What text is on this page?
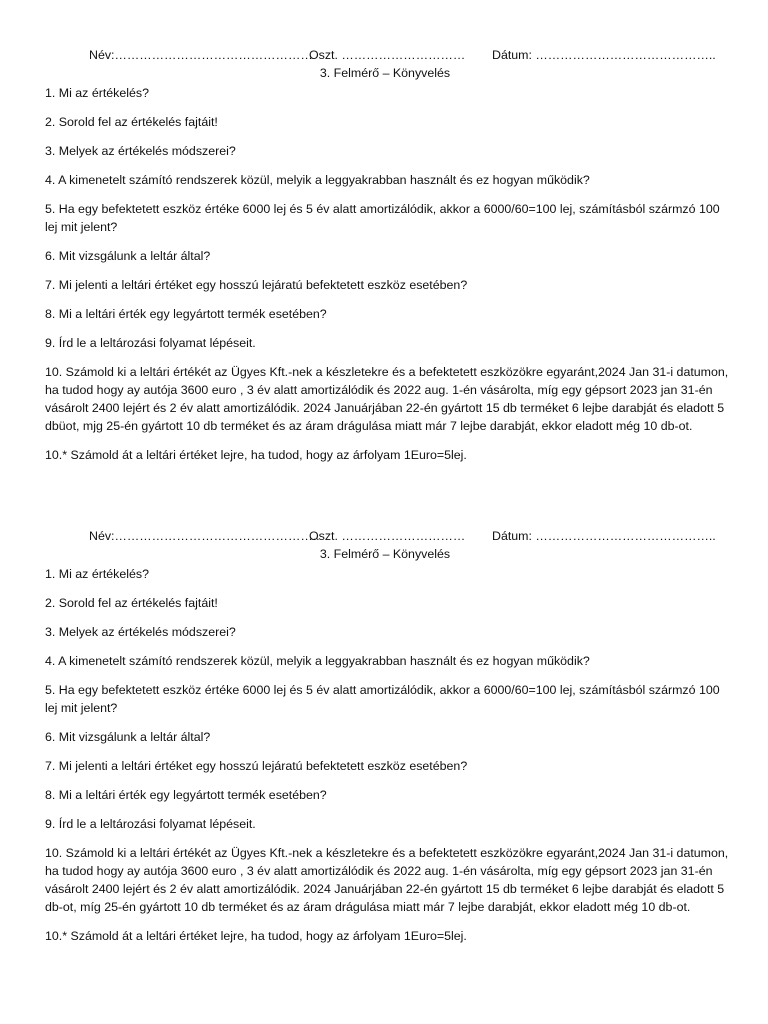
Név:…………………………………………
Oszt. ………………………… Dátum: ……………………………………..
3. Felmérő – Könyvelés

1. Mi az értékelés?

2. Sorold fel az értékelés fajtáit!

3. Melyek az értékelés módszerei?

4. A kimenetelt számító rendszerek közül, melyik a leggyakrabban használt és ez hogyan működik?

5. Ha egy befektetett eszköz értéke 6000 lej és 5 év alatt amortizálódik, akkor a 6000/60=100 lej, számításból szármzó 100 lej mit jelent?

6. Mit vizsgálunk a leltár által?

7. Mi jelenti a leltári értéket egy hosszú lejáratú befektetett eszköz esetében?

8. Mi a leltári érték egy legyártott termék esetében?

9. Írd le a leltározási folyamat lépéseit.

10. Számold ki a leltári értékét az Ügyes Kft.-nek a készletekre és a befektetett eszközökre egyaránt,2024 Jan 31-i datumon, ha tudod hogy ay autója 3600 euro , 3 év alatt amortizálódik és 2022 aug. 1-én vásárolta, míg egy gépsort 2023 jan 31-én vásárolt 2400 lejért és 2 év alatt amortizálódik. 2024 Januárjában 22-én gyártott 15 db terméket 6 lejbe darabját és eladott 5 dbüot, mjg 25-én gyártott 10 db terméket és az áram drágulása miatt már 7 lejbe darabját, ekkor eladott még 10 db-ot.

10.* Számold át a leltári értéket lejre, ha tudod, hogy az árfolyam 1Euro=5lej.

Név:…………………………………………..
Oszt. ………………………… Dátum: ……………………………………..
3. Felmérő – Könyvelés

1. Mi az értékelés?

2. Sorold fel az értékelés fajtáit!

3. Melyek az értékelés módszerei?

4. A kimenetelt számító rendszerek közül, melyik a leggyakrabban használt és ez hogyan működik?

5. Ha egy befektetett eszköz értéke 6000 lej és 5 év alatt amortizálódik, akkor a 6000/60=100 lej, számításból szármzó 100 lej mit jelent?

6. Mit vizsgálunk a leltár által?

7. Mi jelenti a leltári értéket egy hosszú lejáratú befektetett eszköz esetében?

8. Mi a leltári érték egy legyártott termék esetében?

9. Írd le a leltározási folyamat lépéseit.

10. Számold ki a leltári értékét az Ügyes Kft.-nek a készletekre és a befektetett eszközökre egyaránt,2024 Jan 31-i datumon, ha tudod hogy ay autója 3600 euro , 3 év alatt amortizálódik és 2022 aug. 1-én vásárolta, míg egy gépsort 2023 jan 31-én vásárolt 2400 lejért és 2 év alatt amortizálódik. 2024 Januárjában 22-én gyártott 15 db terméket 6 lejbe darabját és eladott 5 db-ot, míg 25-én gyártott 10 db terméket és az áram drágulása miatt már 7 lejbe darabját, ekkor eladott még 10 db-ot.

10.* Számold át a leltári értéket lejre, ha tudod, hogy az árfolyam 1Euro=5lej.
